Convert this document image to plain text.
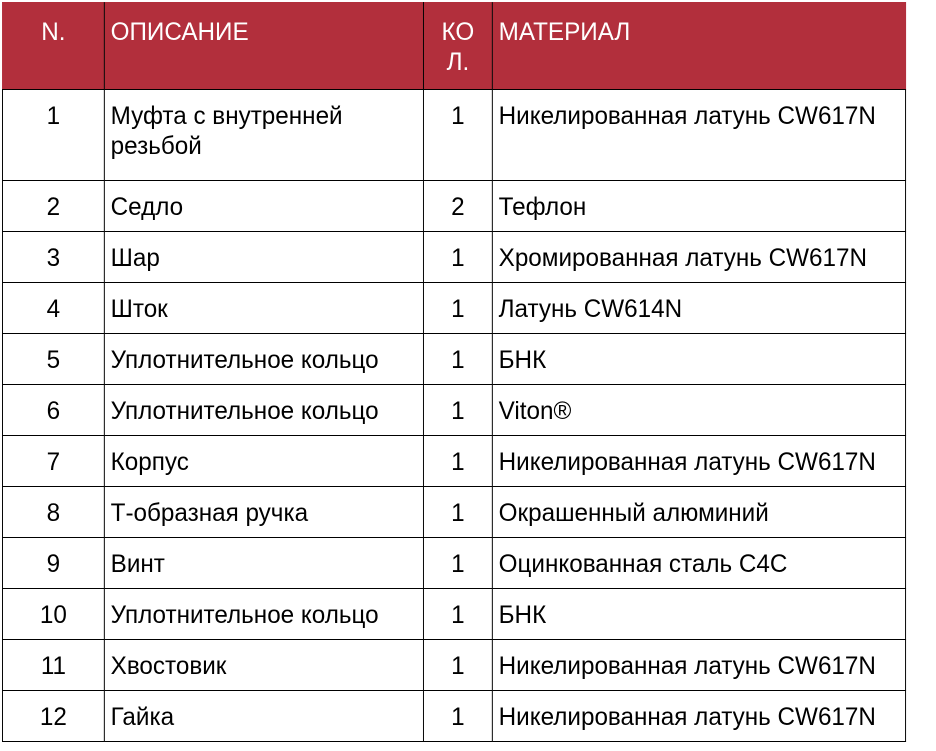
N.	ОПИСАНИЕ	КО Л.	МАТЕРИАЛ
1	Муфта с внутренней резьбой	1	Никелированная латунь CW617N
2	Седло	2	Тефлон
3	Шар	1	Хромированная латунь CW617N
4	Шток	1	Латунь CW614N
5	Уплотнительное кольцо	1	БНК
6	Уплотнительное кольцо	1	Viton®
7	Корпус	1	Никелированная латунь CW617N
8	Т-образная ручка	1	Окрашенный алюминий
9	Винт	1	Оцинкованная сталь C4C
10	Уплотнительное кольцо	1	БНК
11	Хвостовик	1	Никелированная латунь CW617N
12	Гайка	1	Никелированная латунь CW617N
